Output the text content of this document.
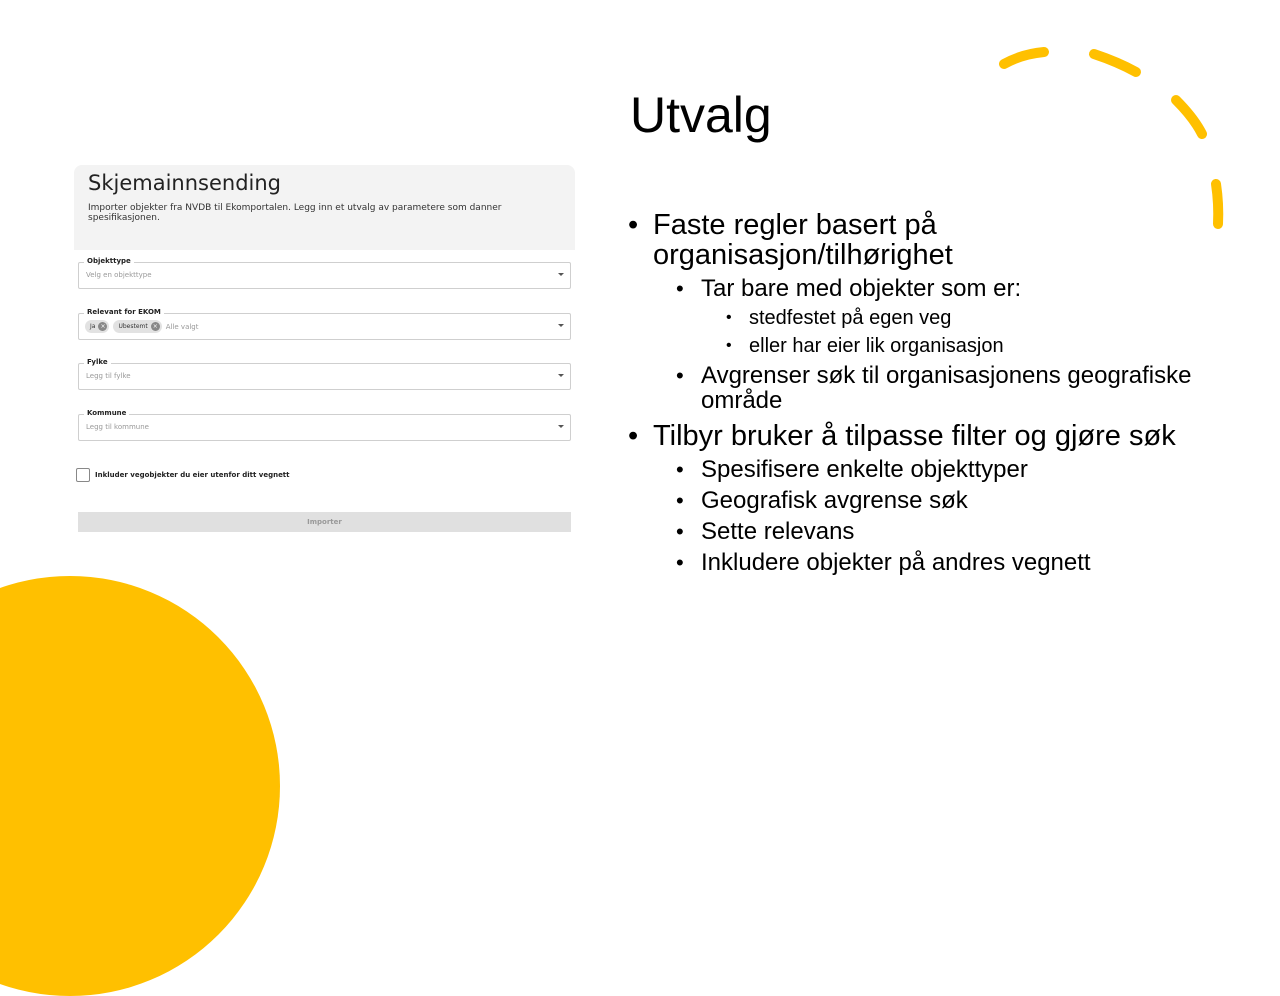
Utvalg
• Faste regler basert på organisasjon/tilhørighet
• Tar bare med objekter som er:
• stedfestet på egen veg
• eller har eier lik organisasjon
• Avgrenser søk til organisasjonens geografiske område
• Tilbyr bruker å tilpasse filter og gjøre søk
• Spesifisere enkelte objekttyper
• Geografisk avgrense søk
• Sette relevans
• Inkludere objekter på andres vegnett
Skjemainnsending
Importer objekter fra NVDB til Ekomportalen. Legg inn et utvalg av parametere som danner spesifikasjonen.
Objekttype
Velg en objekttype
Relevant for EKOM
Ja ×	Ubestemt × Alle valgt
Fylke
Legg til fylke
Kommune
Legg til kommune
Inkluder vegobjekter du eier utenfor ditt vegnett
Importer
